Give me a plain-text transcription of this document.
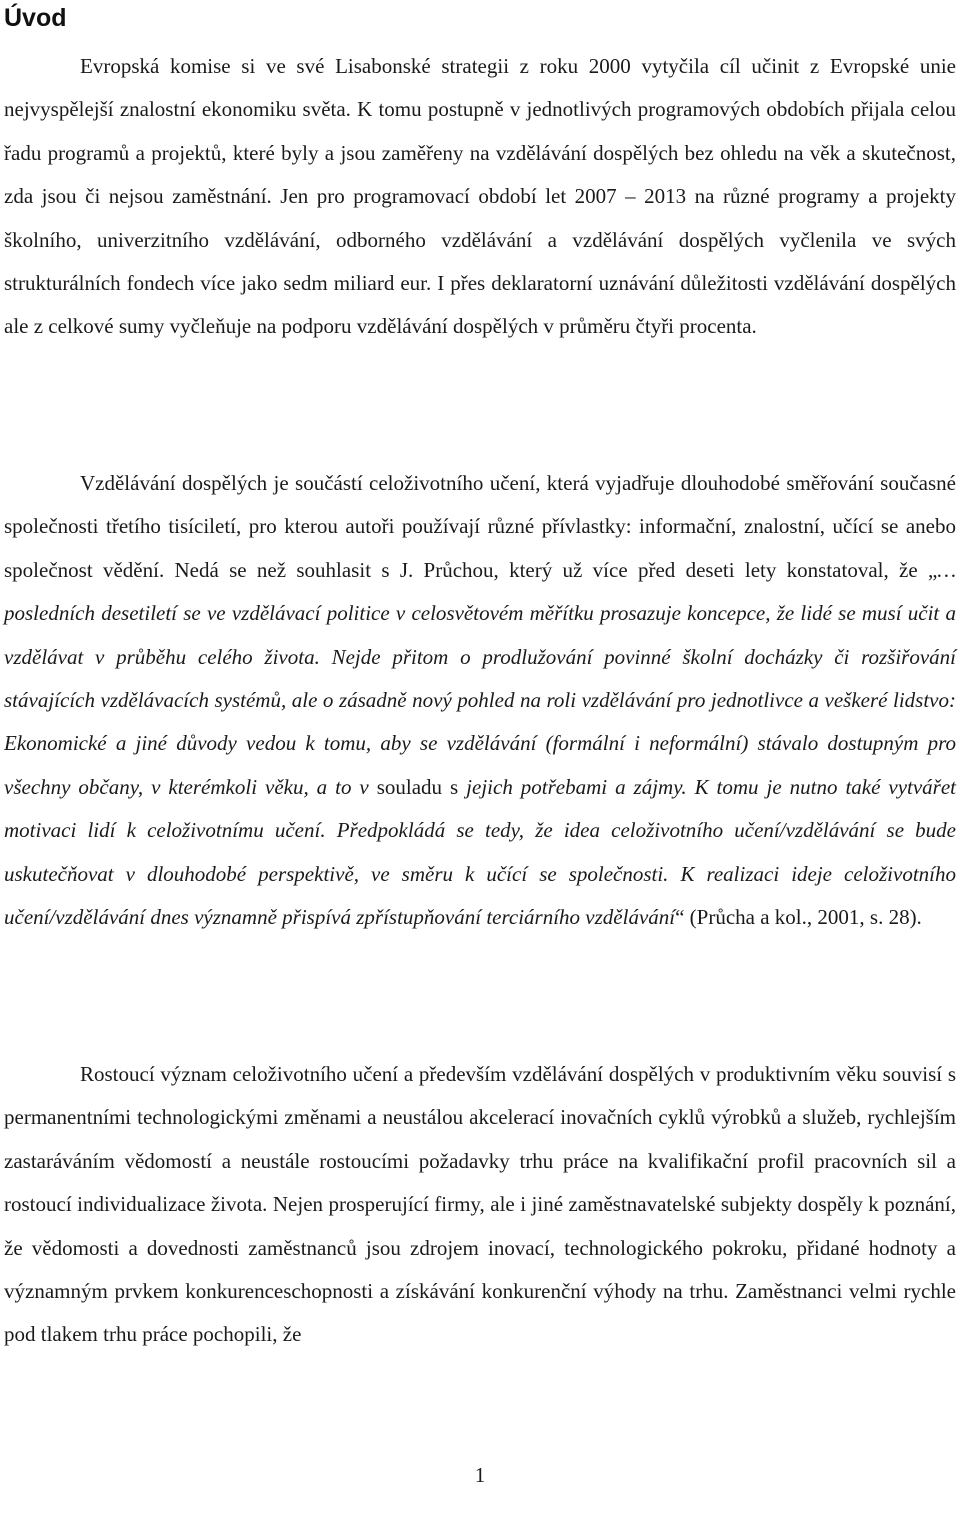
Úvod

Evropská komise si ve své Lisabonské strategii z roku 2000 vytyčila cíl učinit z Evropské unie nejvyspělejší znalostní ekonomiku světa. K tomu postupně v jednotlivých programových obdobích přijala celou řadu programů a projektů, které byly a jsou zaměřeny na vzdělávání dospělých bez ohledu na věk a skutečnost, zda jsou či nejsou zaměstnání. Jen pro programovací období let 2007 – 2013 na různé programy a projekty školního, univerzitního vzdělávání, odborného vzdělávání a vzdělávání dospělých vyčlenila ve svých strukturálních fondech více jako sedm miliard eur. I přes deklaratorní uznávání důležitosti vzdělávání dospělých ale z celkové sumy vyčleňuje na podporu vzdělávání dospělých v průměru čtyři procenta.

Vzdělávání dospělých je součástí celoživotního učení, která vyjadřuje dlouhodobé směřování současné společnosti třetího tisíciletí, pro kterou autoři používají různé přívlastky: informační, znalostní, učící se anebo společnost vědění. Nedá se než souhlasit s J. Průchou, který už více před deseti lety konstatoval, že „… posledních desetiletí se ve vzdělávací politice v celosvětovém měřítku prosazuje koncepce, že lidé se musí učit a vzdělávat v průběhu celého života. Nejde přitom o prodlužování povinné školní docházky či rozšiřování stávajících vzdělávacích systémů, ale o zásadně nový pohled na roli vzdělávání pro jednotlivce a veškeré lidstvo: Ekonomické a jiné důvody vedou k tomu, aby se vzdělávání (formální i neformální) stávalo dostupným pro všechny občany, v kterémkoli věku, a to v souladu s jejich potřebami a zájmy. K tomu je nutno také vytvářet motivaci lidí k celoživotnímu učení. Předpokládá se tedy, že idea celoživotního učení/vzdělávání se bude uskutečňovat v dlouhodobé perspektivě, ve směru k učící se společnosti. K realizaci ideje celoživotního učení/vzdělávání dnes významně přispívá zpřístupňování terciárního vzdělávání“ (Průcha a kol., 2001, s. 28).

Rostoucí význam celoživotního učení a především vzdělávání dospělých v produktivním věku souvisí s permanentními technologickými změnami a neustálou akcelerací inovačních cyklů výrobků a služeb, rychlejším zastaráváním vědomostí a neustále rostoucími požadavky trhu práce na kvalifikační profil pracovních sil a rostoucí individualizace života. Nejen prosperující firmy, ale i jiné zaměstnavatelské subjekty dospěly k poznání, že vědomosti a dovednosti zaměstnanců jsou zdrojem inovací, technologického pokroku, přidané hodnoty a významným prvkem konkurenceschopnosti a získávání konkurenční výhody na trhu. Zaměstnanci velmi rychle pod tlakem trhu práce pochopili, že

1
